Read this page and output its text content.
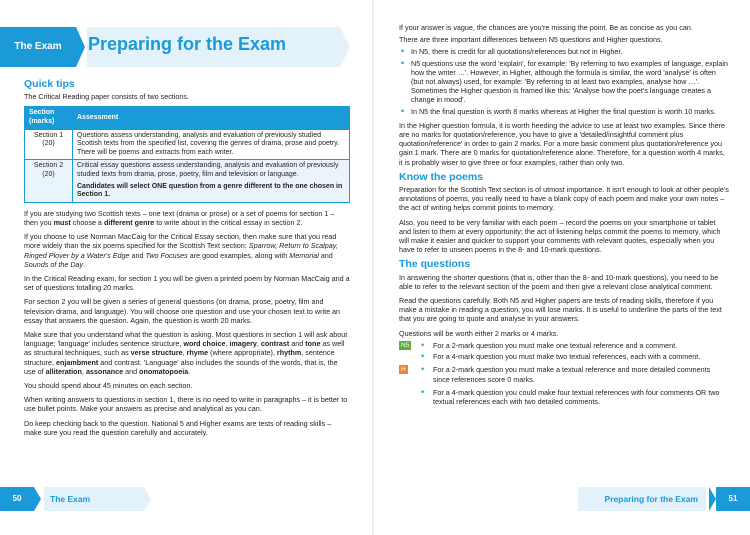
The Exam	Preparing for the Exam
Quick tips

The Critical Reading paper consists of two sections.

Section (marks)	Assessment
Section 1 (20)	Questions assess understanding, analysis and evaluation of previously studied Scottish texts from the specified list, covering the genres of drama, prose and poetry. There will be poems and extracts from each writer.
Section 2 (20)	Critical essay questions assess understanding, analysis and evaluation of previously studied texts from drama, prose, poetry, film and television or language.
Candidates will select ONE question from a genre different to the one chosen in Section 1.

If you are studying two Scottish texts – one text (drama or prose) or a set of poems for section 1 – then you must choose a different genre to write about in the critical essay in section 2.

If you choose to use Norman MacCaig for the Critical Essay section, then make sure that you read more widely than the six poems specified for the Scottish Text section: Sparrow, Return to Scalpay, Ringed Plover by a Water's Edge and Two Focuses are good examples, along with Memorial and Sounds of the Day.

In the Critical Reading exam, for section 1 you will be given a printed poem by Norman MacCaig and a set of questions totalling 20 marks.

For section 2 you will be given a series of general questions (on drama, prose, poetry, film and television drama, and language). You will choose one question and use your chosen text to write an essay that answers the question. Again, the question is worth 20 marks.

Make sure that you understand what the question is asking. Most questions in section 1 will ask about language; 'language' includes sentence structure, word choice, imagery, contrast and tone as well as structural techniques, such as verse structure, rhyme (where appropriate), rhythm, sentence structure, enjambment and contrast. 'Language' also includes the sounds of the words, that is, the use of alliteration, assonance and onomatopoeia.

You should spend about 45 minutes on each section.

When writing answers to questions in section 1, there is no need to write in paragraphs – it is better to use bullet points. Make your answers as precise and analytical as you can.

Do keep checking back to the question. National 5 and Higher exams are tests of reading skills – make sure you read the question carefully and accurately.

50	The Exam

If your answer is vague, the chances are you're missing the point. Be as concise as you can.

There are three important differences between N5 questions and Higher questions.

• In N5, there is credit for all quotations/references but not in Higher.
• N5 questions use the word 'explain', for example: 'By referring to two examples of language, explain how the writer …'. However, in Higher, although the formula is similar, the word 'analyse' is often (but not always) used, for example: 'By referring to at least two examples, analyse how …'. Sometimes the Higher question is framed like this: 'Analyse how the poet's language creates a change in mood'.
• In N5 the final question is worth 8 marks whereas at Higher the final question is worth 10 marks.

In the Higher question formula, it is worth heeding the advice to use at least two examples. Since there are no marks for quotation/reference, you have to give a 'detailed/insightful comment plus quotation/reference' in order to gain 2 marks. For a more basic comment plus quotation/reference you gain 1 mark. There are 0 marks for quotation/reference alone. Therefore, for a question worth 4 marks, it is probably wiser to give three or four examples, rather than only two.

Know the poems

Preparation for the Scottish Text section is of utmost importance. It isn't enough to look at other people's annotations of poems, you really need to have a blank copy of each poem and make your own notes – the act of writing helps commit points to memory.

Also, you need to be very familiar with each poem – record the poems on your smartphone or tablet and listen to them at every opportunity; the act of listening helps commit the poems to memory, which will make it easier and quicker to support your comments with relevant quotes, especially when you have to refer to unseen poems in the 8- and 10-mark questions.

The questions

In answering the shorter questions (that is, other than the 8- and 10-mark questions), you need to be able to refer to the relevant section of the poem and then give a relevant close analytical comment.

Read the questions carefully. Both N5 and Higher papers are tests of reading skills, therefore if you make a mistake in reading a question, you will lose marks. It is useful to underline the parts of the text that you are going to quote and analyse in your answers.

Questions will be worth either 2 marks or 4 marks.

N5 • For a 2-mark question you must make one textual reference and a comment.
• For a 4-mark question you must make two textual references, each with a comment.
H • For a 2-mark question you must make a textual reference and more detailed comments since references score 0 marks.
• For a 4-mark question you could make four textual references with four comments OR two textual references each with two detailed comments.
Preparing for the Exam	51
